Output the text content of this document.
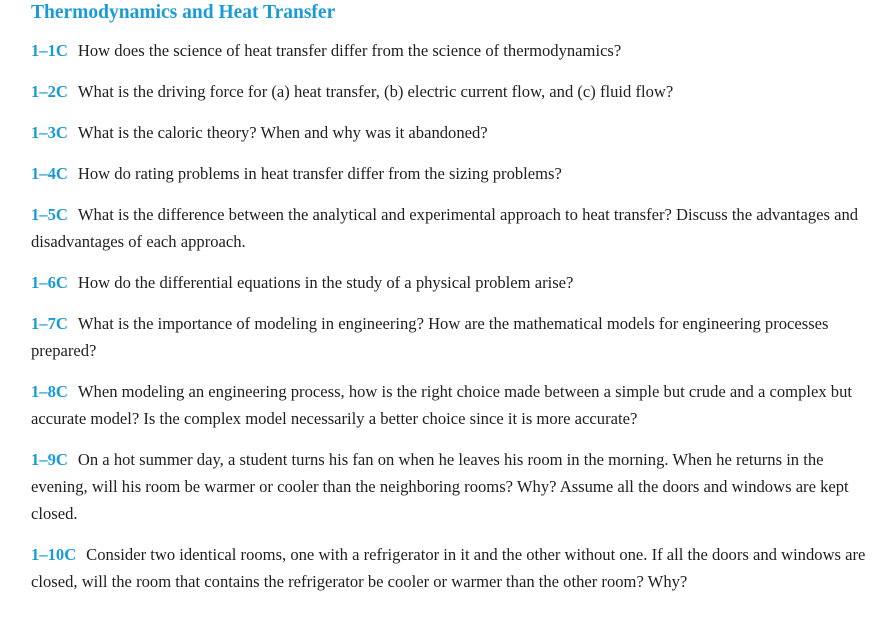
Thermodynamics and Heat Transfer

1–1C How does the science of heat transfer differ from the science of thermodynamics?

1–2C What is the driving force for (a) heat transfer, (b) electric current flow, and (c) fluid flow?

1–3C What is the caloric theory? When and why was it abandoned?

1–4C How do rating problems in heat transfer differ from the sizing problems?

1–5C What is the difference between the analytical and experimental approach to heat transfer? Discuss the advantages and disadvantages of each approach.

1–6C How do the differential equations in the study of a physical problem arise?

1–7C What is the importance of modeling in engineering? How are the mathematical models for engineering processes prepared?

1–8C When modeling an engineering process, how is the right choice made between a simple but crude and a complex but accurate model? Is the complex model necessarily a better choice since it is more accurate?

1–9C On a hot summer day, a student turns his fan on when he leaves his room in the morning. When he returns in the evening, will his room be warmer or cooler than the neighboring rooms? Why? Assume all the doors and windows are kept closed.

1–10C Consider two identical rooms, one with a refrigerator in it and the other without one. If all the doors and windows are closed, will the room that contains the refrigerator be cooler or warmer than the other room? Why?
